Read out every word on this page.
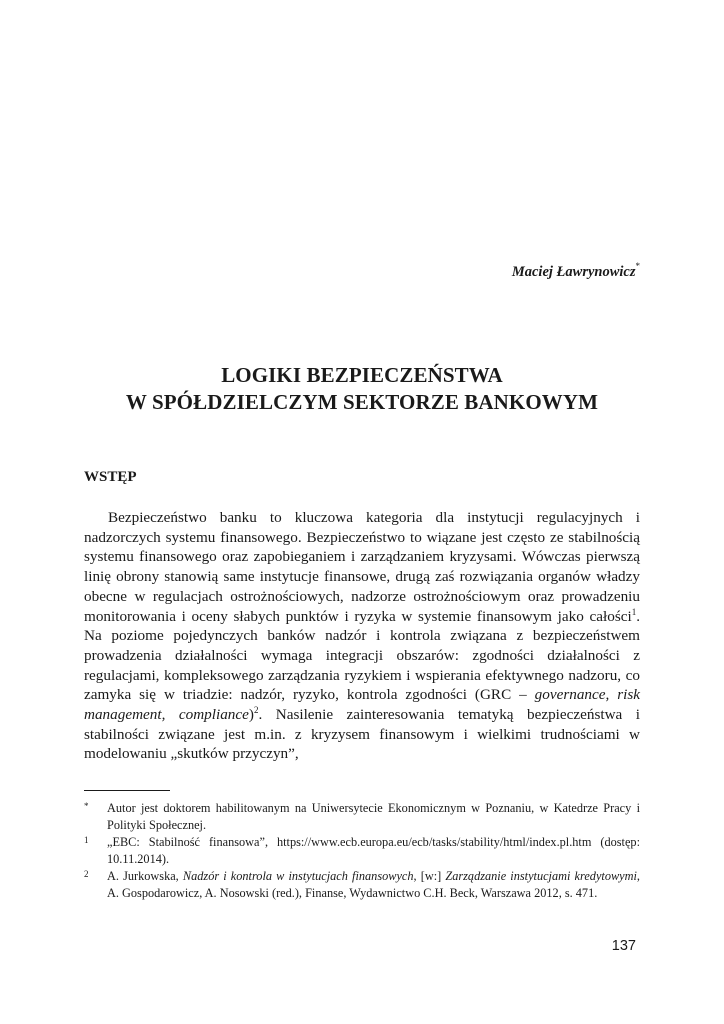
Maciej Ławrynowicz*
LOGIKI BEZPIECZEŃSTWA
W SPÓŁDZIELCZYM SEKTORZE BANKOWYM
WSTĘP

Bezpieczeństwo banku to kluczowa kategoria dla instytucji regulacyjnych i nadzorczych systemu finansowego. Bezpieczeństwo to wiązane jest często ze stabilnością systemu finansowego oraz zapobieganiem i zarządzaniem kryzysami. Wówczas pierwszą linię obrony stanowią same instytucje finansowe, drugą zaś rozwiązania organów władzy obecne w regulacjach ostrożnościowych, nadzorze ostrożnościowym oraz prowadzeniu monitorowania i oceny słabych punktów i ryzyka w systemie finansowym jako całości$^1$. Na poziome pojedynczych banków nadzór i kontrola związana z bezpieczeństwem prowadzenia działalności wymaga integracji obszarów: zgodności działalności z regulacjami, kompleksowego zarządzania ryzykiem i wspierania efektywnego nadzoru, co zamyka się w triadzie: nadzór, ryzyko, kontrola zgodności (GRC – governance, risk management, compliance)$^2$. Nasilenie zainteresowania tematyką bezpieczeństwa i stabilności związane jest m.in. z kryzysem finansowym i wielkimi trudnościami w modelowaniu „skutków przyczyn”,

*	Autor jest doktorem habilitowanym na Uniwersytecie Ekonomicznym w Poznaniu, w Katedrze Pracy i Polityki Społecznej.
1	„EBC: Stabilność finansowa”, https://www.ecb.europa.eu/ecb/tasks/stability/html/index.pl.htm (dostęp: 10.11.2014).
2	A. Jurkowska, Nadzór i kontrola w instytucjach finansowych, [w:] Zarządzanie instytucjami kredytowymi, A. Gospodarowicz, A. Nosowski (red.), Finanse, Wydawnictwo C.H. Beck, Warszawa 2012, s. 471.
137
